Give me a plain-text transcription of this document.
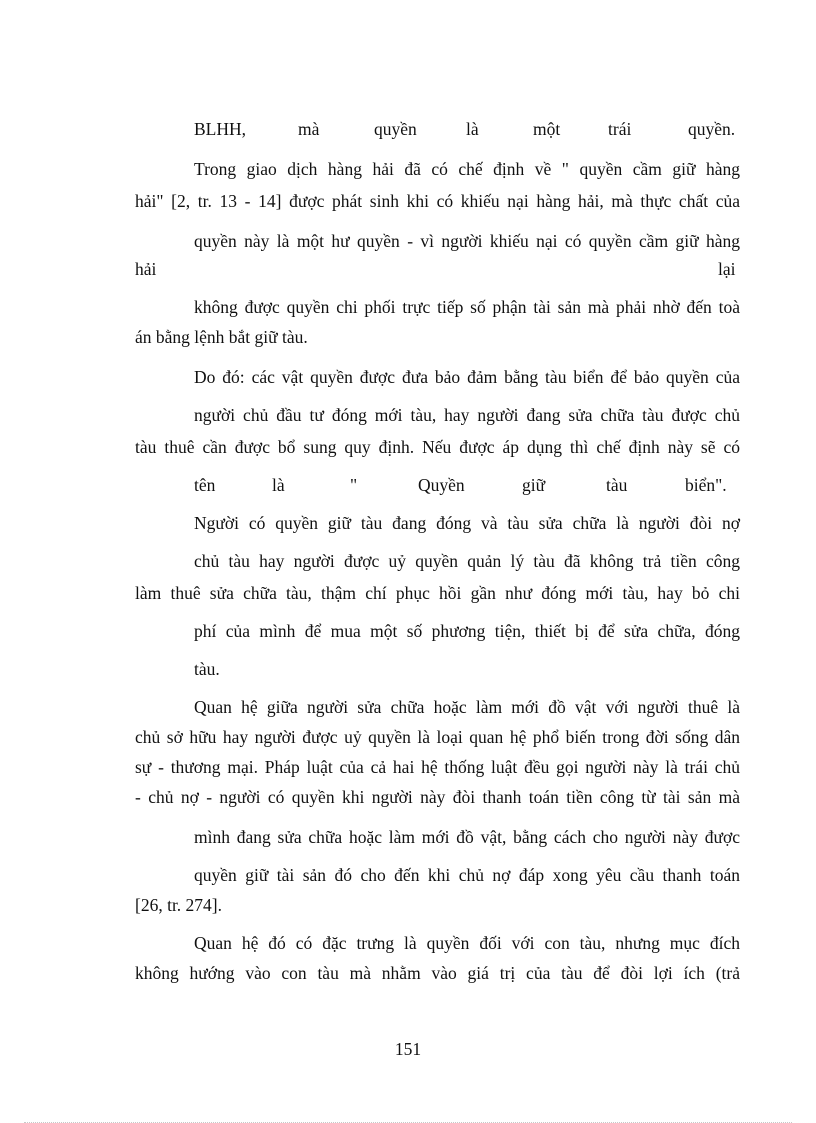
BLHH,	mà	quyền	là	một	trái	quyền.
Trong giao dịch hàng hải đã có chế định về " quyền cầm giữ hàng
hải" [2, tr. 13 - 14] được phát sinh khi có khiếu nại hàng hải, mà thực chất của
quyền này là một hư quyền - vì người khiếu nại có quyền cầm giữ hàng
hải	lại
không được quyền chi phối trực tiếp số phận tài sản mà phải nhờ đến toà
án bằng lệnh bắt giữ tàu.
Do đó: các vật quyền được đưa bảo đảm bằng tàu biển để bảo quyền của
người chủ đầu tư đóng mới tàu, hay người đang sửa chữa tàu được chủ
tàu thuê cần được bổ sung quy định. Nếu được áp dụng thì chế định này sẽ có
tên	là	"	Quyền	giữ	tàu	biển".
Người có quyền giữ tàu đang đóng và tàu sửa chữa là người đòi nợ
chủ tàu hay người được uỷ quyền quản lý tàu đã không trả tiền công
làm thuê sửa chữa tàu, thậm chí phục hồi gần như đóng mới tàu, hay bỏ chi
phí của mình để mua một số phương tiện, thiết bị để sửa chữa, đóng
tàu.
Quan hệ giữa người sửa chữa hoặc làm mới đồ vật với người thuê là
chủ sở hữu hay người được uỷ quyền là loại quan hệ phổ biến trong đời sống dân
sự - thương mại. Pháp luật của cả hai hệ thống luật đều gọi người này là trái chủ
- chủ nợ - người có quyền khi người này đòi thanh toán tiền công từ tài sản mà
mình đang sửa chữa hoặc làm mới đồ vật, bằng cách cho người này được
quyền giữ tài sản đó cho đến khi chủ nợ đáp xong yêu cầu thanh toán
[26, tr. 274].
Quan hệ đó có đặc trưng là quyền đối với con tàu, nhưng mục đích
không hướng vào con tàu mà nhằm vào giá trị của tàu để đòi lợi ích (trả
151
